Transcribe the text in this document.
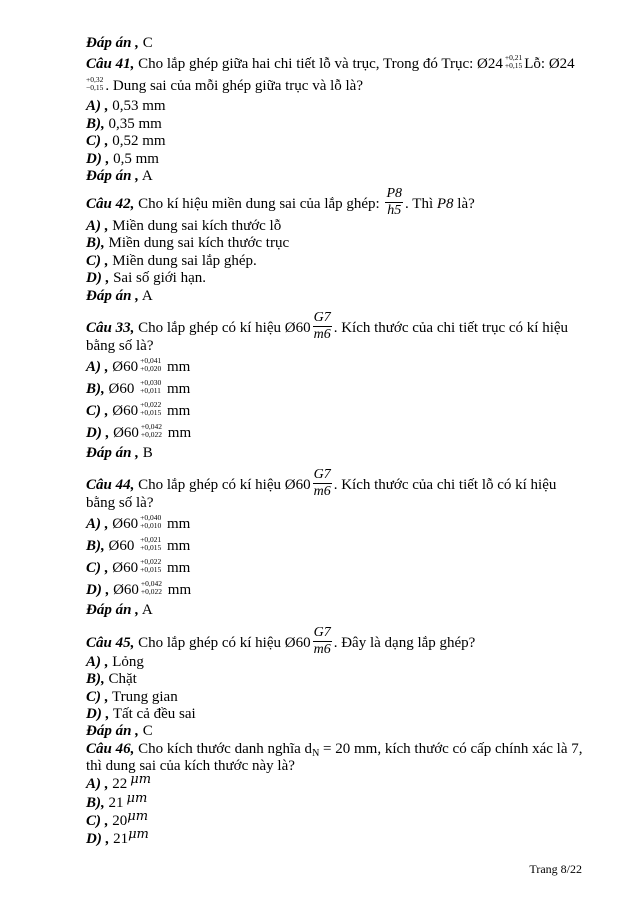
Đáp án , C
Câu 41, Cho lắp ghép giữa hai chi tiết lỗ và trục, Trong đó Trục: Ø24 +0,21
+0,15 Lỗ: Ø24
+0,32
−0,15 . Dung sai của mỗi ghép giữa trục và lỗ là?
A) , 0,53 mm
B), 0,35 mm
C) , 0,52 mm
D) , 0,5 mm
Đáp án , A
Câu 42, Cho kí hiệu miền dung sai của lắp ghép: $\frac{P8}{h5}$ . Thì P8 là?
A) , Miền dung sai kích thước lỗ
B), Miền dung sai kích thước trục
C) , Miền dung sai lắp ghép.
D) , Sai số giới hạn.
Đáp án , A
Câu 33, Cho lắp ghép có kí hiệu Ø60 $\frac{G7}{m6}$ . Kích thước của chi tiết trục có kí hiệu
bằng số là?
A) , Ø60 +0,041
+0,020 mm
B), Ø60 +0,030
+0,011 mm
C) , Ø60 +0,022
+0,015 mm
D) , Ø60 +0,042
+0,022 mm
Đáp án , B
Câu 44, Cho lắp ghép có kí hiệu Ø60 $\frac{G7}{m6}$ . Kích thước của chi tiết lỗ có kí hiệu
bằng số là?
A) , Ø60 +0,040
+0,010 mm
B), Ø60 +0,021
+0,015 mm
C) , Ø60 +0,022
+0,015 mm
D) , Ø60 +0,042
+0,022 mm
Đáp án , A
Câu 45, Cho lắp ghép có kí hiệu Ø60 $\frac{G7}{m6}$ . Đây là dạng lắp ghép?
A) , Lỏng
B), Chặt
C) , Trung gian
D) , Tất cả đều sai
Đáp án , C
Câu 46, Cho kích thước danh nghĩa $d_N = 20$ mm, kích thước có cấp chính xác là 7,
thì dung sai của kích thước này là?
A) , 22 μm
B), 21 μm
C) , 20μm
D) , 21μm
Trang 8/22
